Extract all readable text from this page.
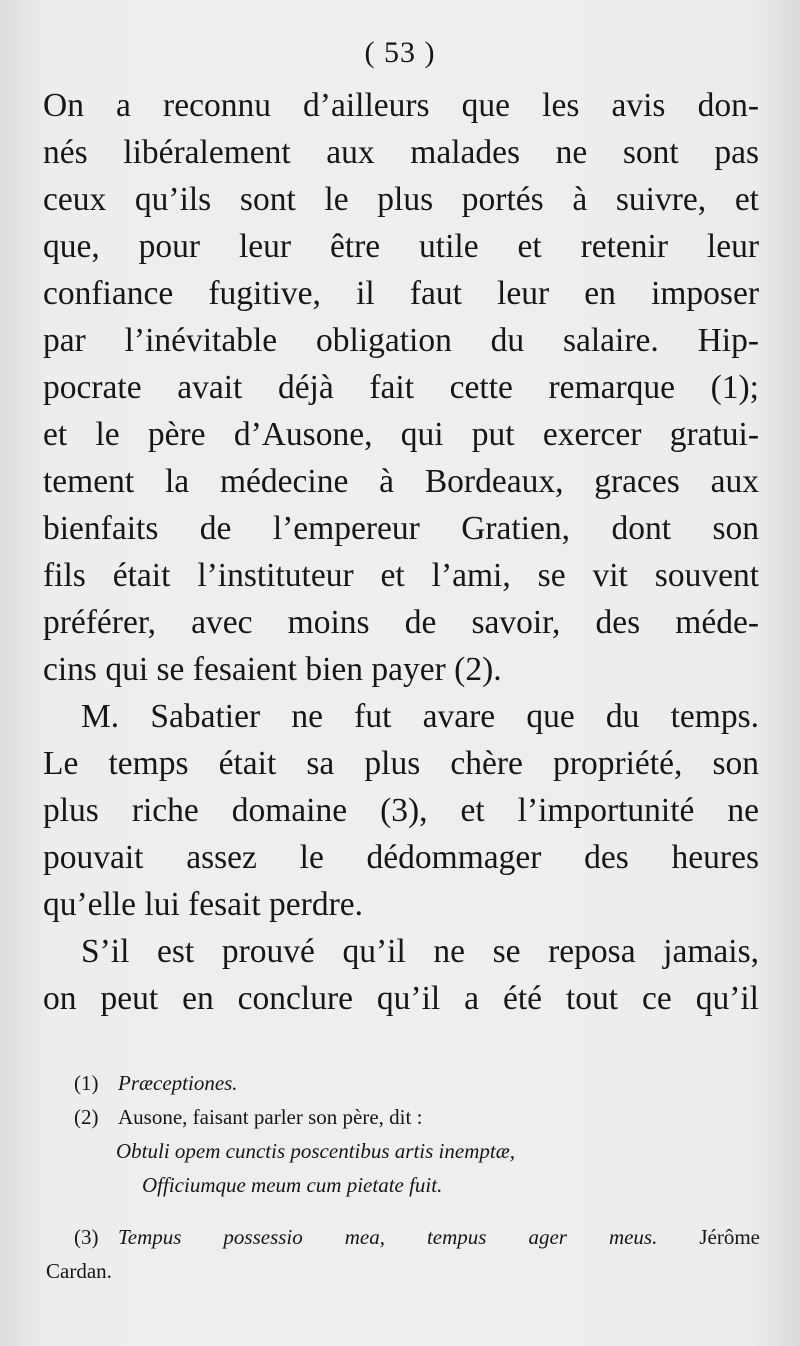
( 53 )
On a reconnu d’ailleurs que les avis don-
nés libéralement aux malades ne sont pas
ceux qu’ils sont le plus portés à suivre, et
que, pour leur être utile et retenir leur
confiance fugitive, il faut leur en imposer
par l’inévitable obligation du salaire. Hip-
pocrate avait déjà fait cette remarque (1);
et le père d’Ausone, qui put exercer gratui-
tement la médecine à Bordeaux, graces aux
bienfaits de l’empereur Gratien, dont son
fils était l’instituteur et l’ami, se vit souvent
préférer, avec moins de savoir, des méde-
cins qui se fesaient bien payer (2).
M. Sabatier ne fut avare que du temps.
Le temps était sa plus chère propriété, son
plus riche domaine (3), et l’importunité ne
pouvait assez le dédommager des heures
qu’elle lui fesait perdre.
S’il est prouvé qu’il ne se reposa jamais,
on peut en conclure qu’il a été tout ce qu’il
(1) Præceptiones.
(2) Ausone, faisant parler son père, dit :
Obtuli opem cunctis poscentibus artis inemptæ,
Officiumque meum cum pietate fuit.
(3) Tempus possessio mea, tempus ager meus. Jérôme
Cardan.
